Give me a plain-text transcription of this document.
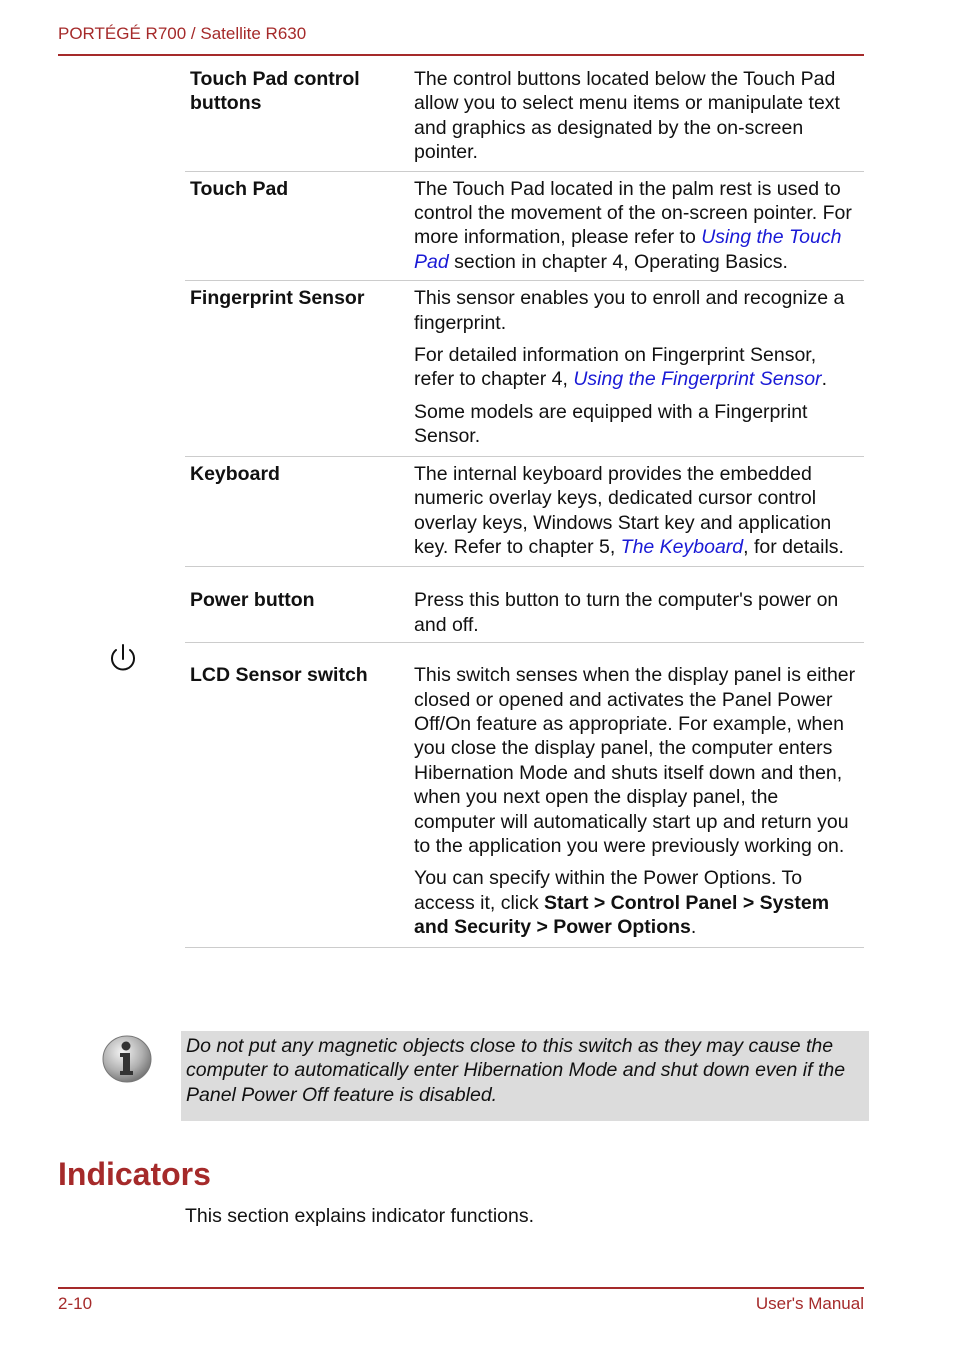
PORTÉGÉ R700 / Satellite R630
Touch Pad control buttons	The control buttons located below the Touch Pad allow you to select menu items or manipulate text and graphics as designated by the on-screen pointer.
Touch Pad	The Touch Pad located in the palm rest is used to control the movement of the on-screen pointer. For more information, please refer to Using the Touch Pad section in chapter 4, Operating Basics.
Fingerprint Sensor	This sensor enables you to enroll and recognize a fingerprint.

For detailed information on Fingerprint Sensor, refer to chapter 4, Using the Fingerprint Sensor.

Some models are equipped with a Fingerprint Sensor.

Keyboard	The internal keyboard provides the embedded numeric overlay keys, dedicated cursor control overlay keys, Windows Start key and application key. Refer to chapter 5, The Keyboard, for details.
Power button	Press this button to turn the computer's power on and off.
LCD Sensor switch	This switch senses when the display panel is either closed or opened and activates the Panel Power Off/On feature as appropriate. For example, when you close the display panel, the computer enters Hibernation Mode and shuts itself down and then, when you next open the display panel, the computer will automatically start up and return you to the application you were previously working on.

You can specify within the Power Options. To access it, click Start > Control Panel > System and Security > Power Options.

Do not put any magnetic objects close to this switch as they may cause the computer to automatically enter Hibernation Mode and shut down even if the Panel Power Off feature is disabled.
Indicators
This section explains indicator functions.
2-10	User's Manual
